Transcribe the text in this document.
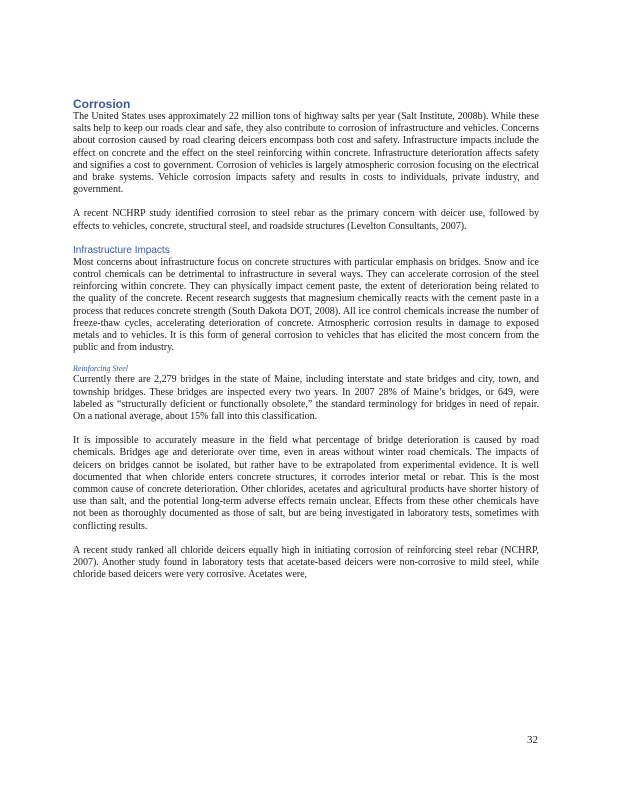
Corrosion

The United States uses approximately 22 million tons of highway salts per year (Salt Institute, 2008b). While these salts help to keep our roads clear and safe, they also contribute to corrosion of infrastructure and vehicles. Concerns about corrosion caused by road clearing deicers encompass both cost and safety. Infrastructure impacts include the effect on concrete and the effect on the steel reinforcing within concrete. Infrastructure deterioration affects safety and signifies a cost to government. Corrosion of vehicles is largely atmospheric corrosion focusing on the electrical and brake systems. Vehicle corrosion impacts safety and results in costs to individuals, private industry, and government.

A recent NCHRP study identified corrosion to steel rebar as the primary concern with deicer use, followed by effects to vehicles, concrete, structural steel, and roadside structures (Levelton Consultants, 2007).

Infrastructure Impacts

Most concerns about infrastructure focus on concrete structures with particular emphasis on bridges. Snow and ice control chemicals can be detrimental to infrastructure in several ways. They can accelerate corrosion of the steel reinforcing within concrete. They can physically impact cement paste, the extent of deterioration being related to the quality of the concrete. Recent research suggests that magnesium chemically reacts with the cement paste in a process that reduces concrete strength (South Dakota DOT, 2008). All ice control chemicals increase the number of freeze-thaw cycles, accelerating deterioration of concrete. Atmospheric corrosion results in damage to exposed metals and to vehicles. It is this form of general corrosion to vehicles that has elicited the most concern from the public and from industry.

Reinforcing Steel

Currently there are 2,279 bridges in the state of Maine, including interstate and state bridges and city, town, and township bridges. These bridges are inspected every two years. In 2007 28% of Maine’s bridges, or 649, were labeled as “structurally deficient or functionally obsolete,” the standard terminology for bridges in need of repair. On a national average, about 15% fall into this classification.

It is impossible to accurately measure in the field what percentage of bridge deterioration is caused by road chemicals. Bridges age and deteriorate over time, even in areas without winter road chemicals. The impacts of deicers on bridges cannot be isolated, but rather have to be extrapolated from experimental evidence. It is well documented that when chloride enters concrete structures, it corrodes interior metal or rebar. This is the most common cause of concrete deterioration. Other chlorides, acetates and agricultural products have shorter history of use than salt, and the potential long-term adverse effects remain unclear. Effects from these other chemicals have not been as thoroughly documented as those of salt, but are being investigated in laboratory tests, sometimes with conflicting results.

A recent study ranked all chloride deicers equally high in initiating corrosion of reinforcing steel rebar (NCHRP, 2007). Another study found in laboratory tests that acetate-based deicers were non-corrosive to mild steel, while chloride based deicers were very corrosive. Acetates were,

32
